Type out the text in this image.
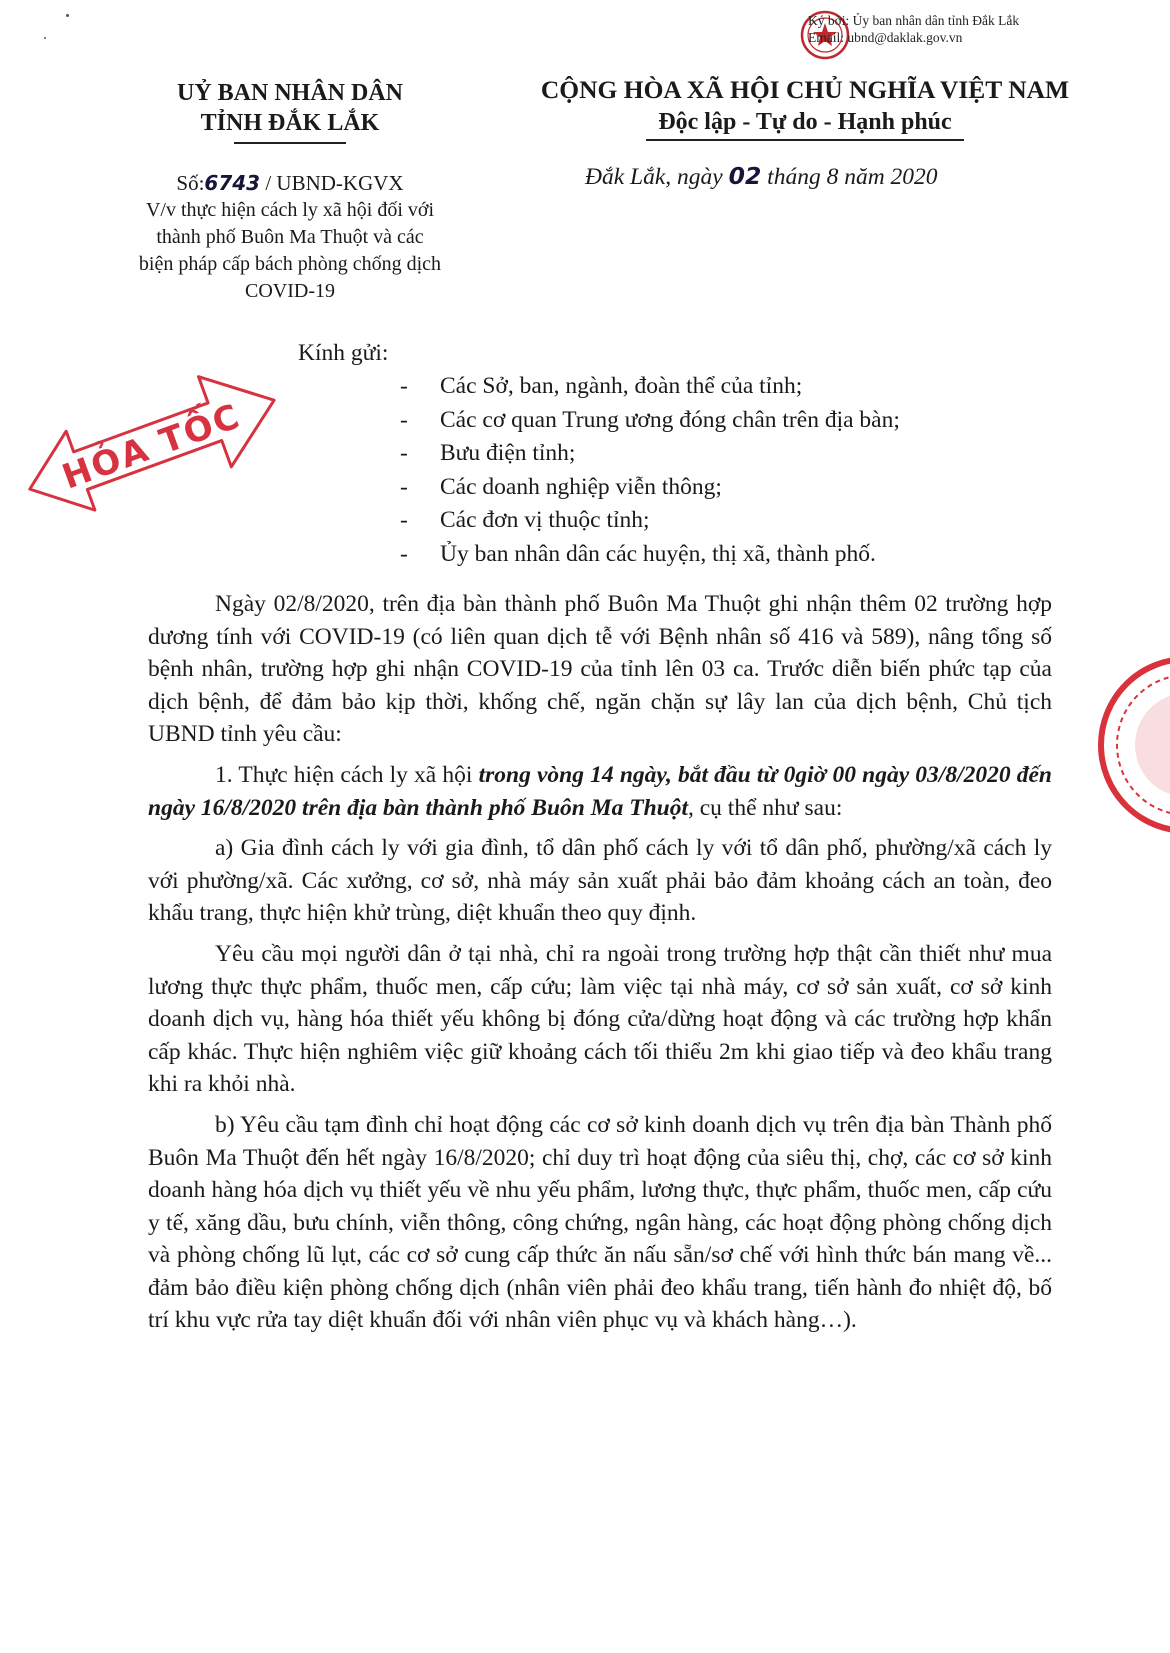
Ký bởi: Ủy ban nhân dân tỉnh Đắk Lắk
Email: ubnd@daklak.gov.vn
UỶ BAN NHÂN DÂN
TỈNH ĐẮK LẮK
CỘNG HÒA XÃ HỘI CHỦ NGHĨA VIỆT NAM
Độc lập - Tự do - Hạnh phúc
Số:6743 / UBND-KGVX
V/v thực hiện cách ly xã hội đối với
thành phố Buôn Ma Thuột và các
biện pháp cấp bách phòng chống dịch
COVID-19
Đắk Lắk, ngày 02 tháng 8 năm 2020
HỎA TỐC
Kính gửi:
- Các Sở, ban, ngành, đoàn thể của tỉnh;
- Các cơ quan Trung ương đóng chân trên địa bàn;
- Bưu điện tỉnh;
- Các doanh nghiệp viễn thông;
- Các đơn vị thuộc tỉnh;
- Ủy ban nhân dân các huyện, thị xã, thành phố.

Ngày 02/8/2020, trên địa bàn thành phố Buôn Ma Thuột ghi nhận thêm 02 trường hợp dương tính với COVID-19 (có liên quan dịch tễ với Bệnh nhân số 416 và 589), nâng tổng số bệnh nhân, trường hợp ghi nhận COVID-19 của tỉnh lên 03 ca. Trước diễn biến phức tạp của dịch bệnh, để đảm bảo kịp thời, khống chế, ngăn chặn sự lây lan của dịch bệnh, Chủ tịch UBND tỉnh yêu cầu:

1. Thực hiện cách ly xã hội trong vòng 14 ngày, bắt đầu từ 0giờ 00 ngày 03/8/2020 đến ngày 16/8/2020 trên địa bàn thành phố Buôn Ma Thuột, cụ thể như sau:

a) Gia đình cách ly với gia đình, tổ dân phố cách ly với tổ dân phố, phường/xã cách ly với phường/xã. Các xưởng, cơ sở, nhà máy sản xuất phải bảo đảm khoảng cách an toàn, đeo khẩu trang, thực hiện khử trùng, diệt khuẩn theo quy định.

Yêu cầu mọi người dân ở tại nhà, chỉ ra ngoài trong trường hợp thật cần thiết như mua lương thực thực phẩm, thuốc men, cấp cứu; làm việc tại nhà máy, cơ sở sản xuất, cơ sở kinh doanh dịch vụ, hàng hóa thiết yếu không bị đóng cửa/dừng hoạt động và các trường hợp khẩn cấp khác. Thực hiện nghiêm việc giữ khoảng cách tối thiểu 2m khi giao tiếp và đeo khẩu trang khi ra khỏi nhà.

b) Yêu cầu tạm đình chỉ hoạt động các cơ sở kinh doanh dịch vụ trên địa bàn Thành phố Buôn Ma Thuột đến hết ngày 16/8/2020; chỉ duy trì hoạt động của siêu thị, chợ, các cơ sở kinh doanh hàng hóa dịch vụ thiết yếu về nhu yếu phẩm, lương thực, thực phẩm, thuốc men, cấp cứu y tế, xăng dầu, bưu chính, viễn thông, công chứng, ngân hàng, các hoạt động phòng chống dịch và phòng chống lũ lụt, các cơ sở cung cấp thức ăn nấu sẵn/sơ chế với hình thức bán mang về... đảm bảo điều kiện phòng chống dịch (nhân viên phải đeo khẩu trang, tiến hành đo nhiệt độ, bố trí khu vực rửa tay diệt khuẩn đối với nhân viên phục vụ và khách hàng…).
